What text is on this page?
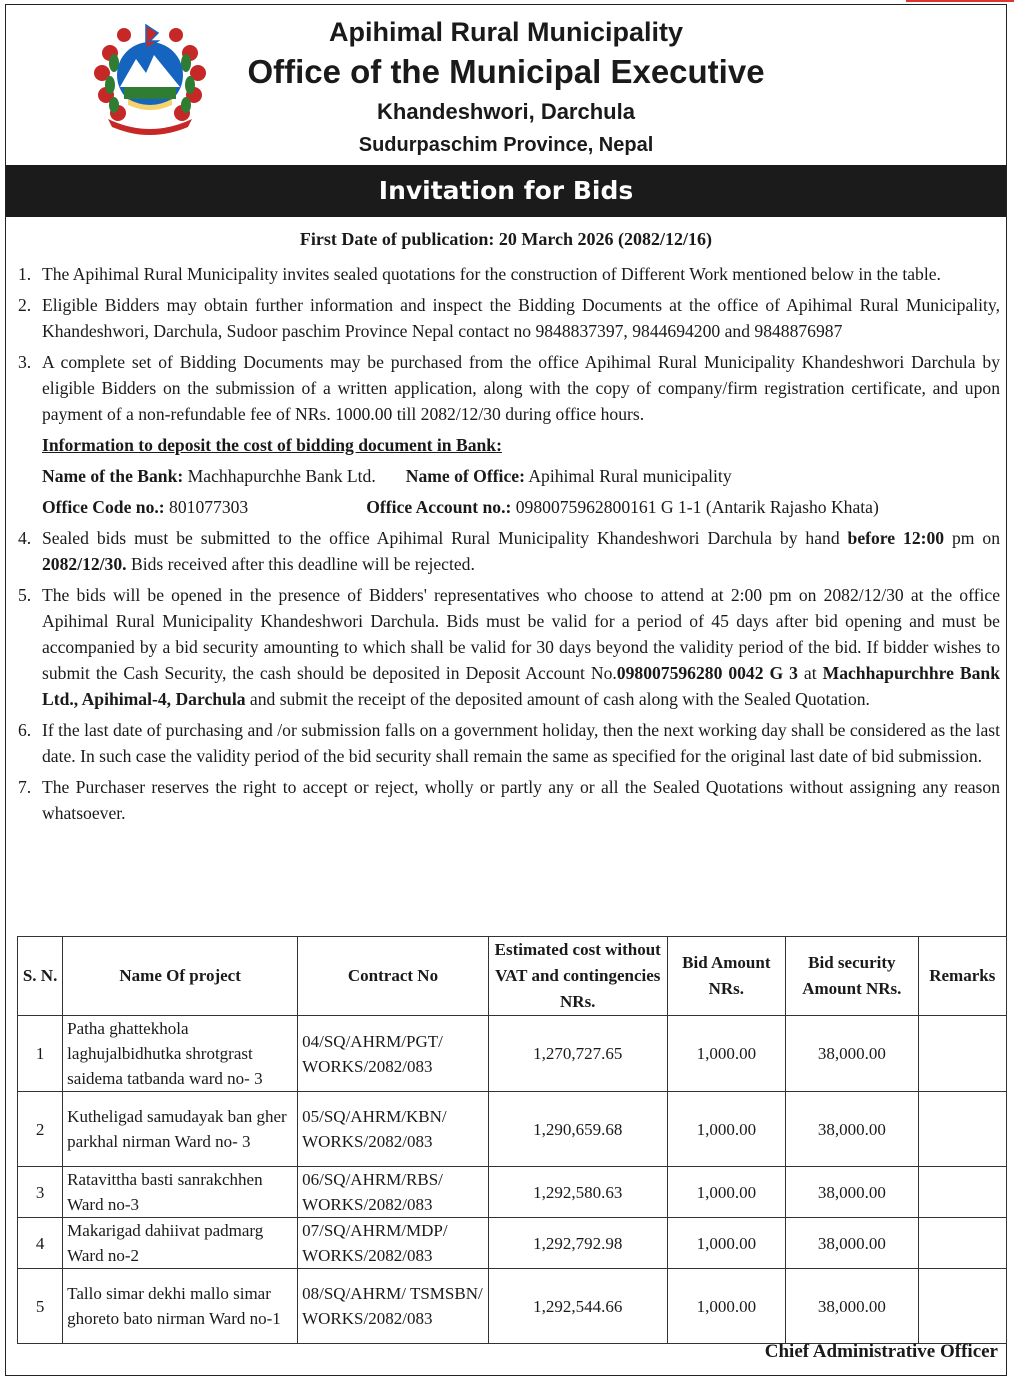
Apihimal Rural Municipality
Office of the Municipal Executive
Khandeshwori, Darchula
Sudurpaschim Province, Nepal
Invitation for Bids
First Date of publication: 20 March 2026 (2082/12/16)
1. The Apihimal Rural Municipality invites sealed quotations for the construction of Different Work mentioned below in the table.
2. Eligible Bidders may obtain further information and inspect the Bidding Documents at the office of Apihimal Rural Municipality, Khandeshwori, Darchula, Sudoor paschim Province Nepal contact no 9848837397, 9844694200 and 9848876987
3. A complete set of Bidding Documents may be purchased from the office Apihimal Rural Municipality Khandeshwori Darchula by eligible Bidders on the submission of a written application, along with the copy of company/firm registration certificate, and upon payment of a non-refundable fee of NRs. 1000.00 till 2082/12/30 during office hours.
Information to deposit the cost of bidding document in Bank:
Name of the Bank: Machhapurchhe Bank Ltd. Name of Office: Apihimal Rural municipality
Office Code no.: 801077303	Office Account no.: 0980075962800161 G 1-1 (Antarik Rajasho Khata)
4. Sealed bids must be submitted to the office Apihimal Rural Municipality Khandeshwori Darchula by hand before 12:00 pm on 2082/12/30. Bids received after this deadline will be rejected.
5. The bids will be opened in the presence of Bidders' representatives who choose to attend at 2:00 pm on 2082/12/30 at the office Apihimal Rural Municipality Khandeshwori Darchula. Bids must be valid for a period of 45 days after bid opening and must be accompanied by a bid security amounting to which shall be valid for 30 days beyond the validity period of the bid. If bidder wishes to submit the Cash Security, the cash should be deposited in Deposit Account No.098007596280 0042 G 3 at Machhapurchhre Bank Ltd., Apihimal-4, Darchula and submit the receipt of the deposited amount of cash along with the Sealed Quotation.
6. If the last date of purchasing and /or submission falls on a government holiday, then the next working day shall be considered as the last date. In such case the validity period of the bid security shall remain the same as specified for the original last date of bid submission.
7. The Purchaser reserves the right to accept or reject, wholly or partly any or all the Sealed Quotations without assigning any reason whatsoever.
S. N.	Name Of project	Contract No	Estimated cost without VAT and contingencies NRs.	Bid Amount NRs.	Bid security Amount NRs.	Remarks
1	Patha ghattekhola laghujalbidhutka shrotgrast saidema tatbanda ward no- 3	04/SQ/AHRM/PGT/ WORKS/2082/083	1,270,727.65	1,000.00	38,000.00	
2	Kutheligad samudayak ban gher parkhal nirman Ward no- 3	05/SQ/AHRM/KBN/ WORKS/2082/083	1,290,659.68	1,000.00	38,000.00	
3	Ratavittha basti sanrakchhen Ward no-3	06/SQ/AHRM/RBS/ WORKS/2082/083	1,292,580.63	1,000.00	38,000.00	
4	Makarigad dahiivat padmarg Ward no-2	07/SQ/AHRM/MDP/ WORKS/2082/083	1,292,792.98	1,000.00	38,000.00	
5	Tallo simar dekhi mallo simar ghoreto bato nirman Ward no-1	08/SQ/AHRM/ TSMSBN/ WORKS/2082/083	1,292,544.66	1,000.00	38,000.00	
Chief Administrative Officer
